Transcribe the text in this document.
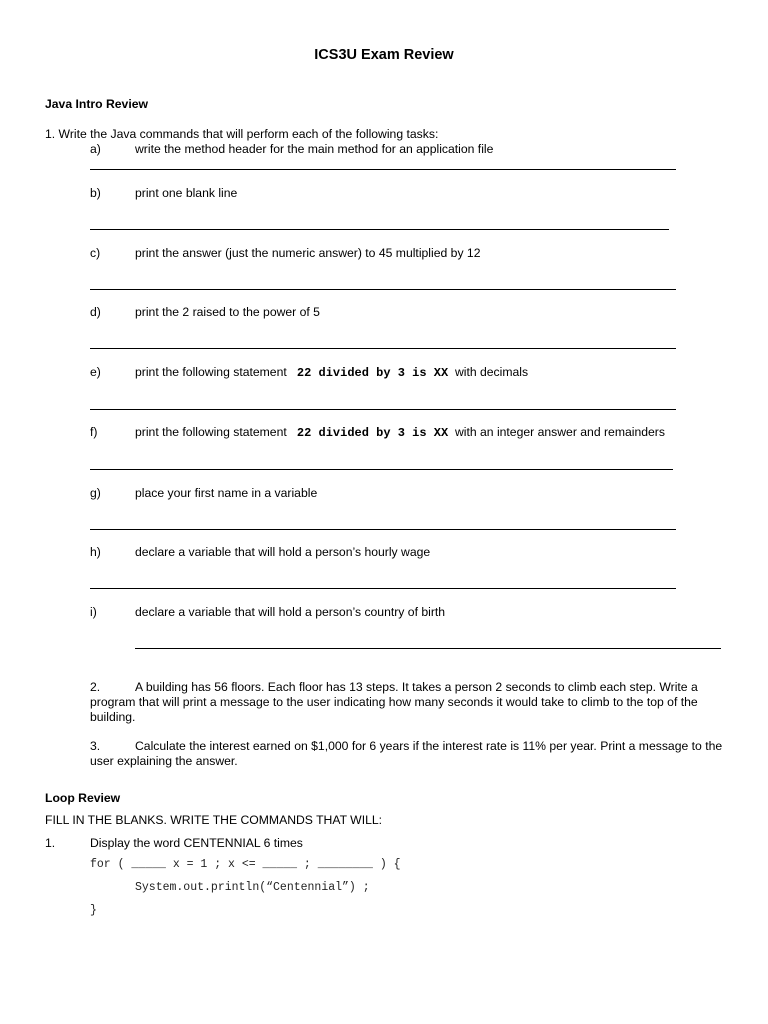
ICS3U Exam Review
Java Intro Review
1. Write the Java commands that will perform each of the following tasks:
a)	write the method header for the main method for an application file
b)	print one blank line
c)	print the answer (just the numeric answer) to 45 multiplied by 12
d)	print the 2 raised to the power of 5
e)	print the following statement 22 divided by 3 is XX with decimals
f)	print the following statement 22 divided by 3 is XX with an integer answer and remainders
g)	place your first name in a variable
h)	declare a variable that will hold a person’s hourly wage
i)	declare a variable that will hold a person’s country of birth
2.	A building has 56 floors. Each floor has 13 steps. It takes a person 2 seconds to climb each step. Write a program that will print a message to the user indicating how many seconds it would take to climb to the top of the building.
3.	Calculate the interest earned on $1,000 for 6 years if the interest rate is 11% per year. Print a message to the user explaining the answer.
Loop Review
FILL IN THE BLANKS. WRITE THE COMMANDS THAT WILL:
1.	Display the word CENTENNIAL 6 times
for ( _____ x = 1 ; x <= _____ ; ________ ) {
System.out.println(“Centennial”) ;
}
